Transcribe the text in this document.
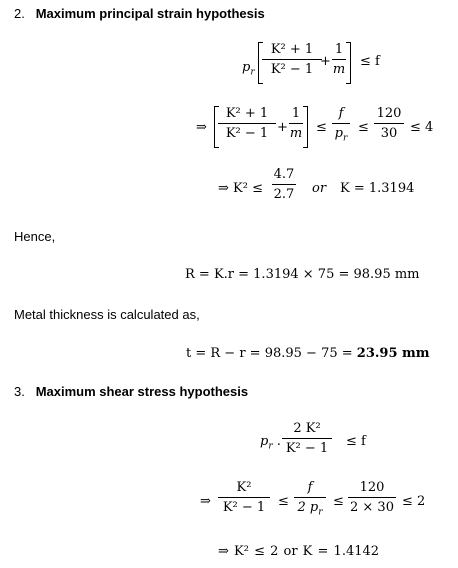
2. Maximum principal strain hypothesis
$p_r$
K² + 1
K² − 1
+
1
m
≤ f
⇒
K² + 1
K² − 1 +
1
m ≤
f
$p_r$
≤
120
30 ≤ 4
⇒ K² ≤
4.7
2.7 or K = 1.3194
Hence,
R = K.r = 1.3194 × 75 = 98.95 mm
Metal thickness is calculated as,
t = R − r = 98.95 − 75 = 23.95 mm
3. Maximum shear stress hypothesis
$p_r$ .
2 K²
K² − 1 ≤ f
⇒
K²
K² − 1 ≤
f
2 $p_r$
≤
120
2 × 30 ≤ 2
⇒ K² ≤ 2 or K = 1.4142
